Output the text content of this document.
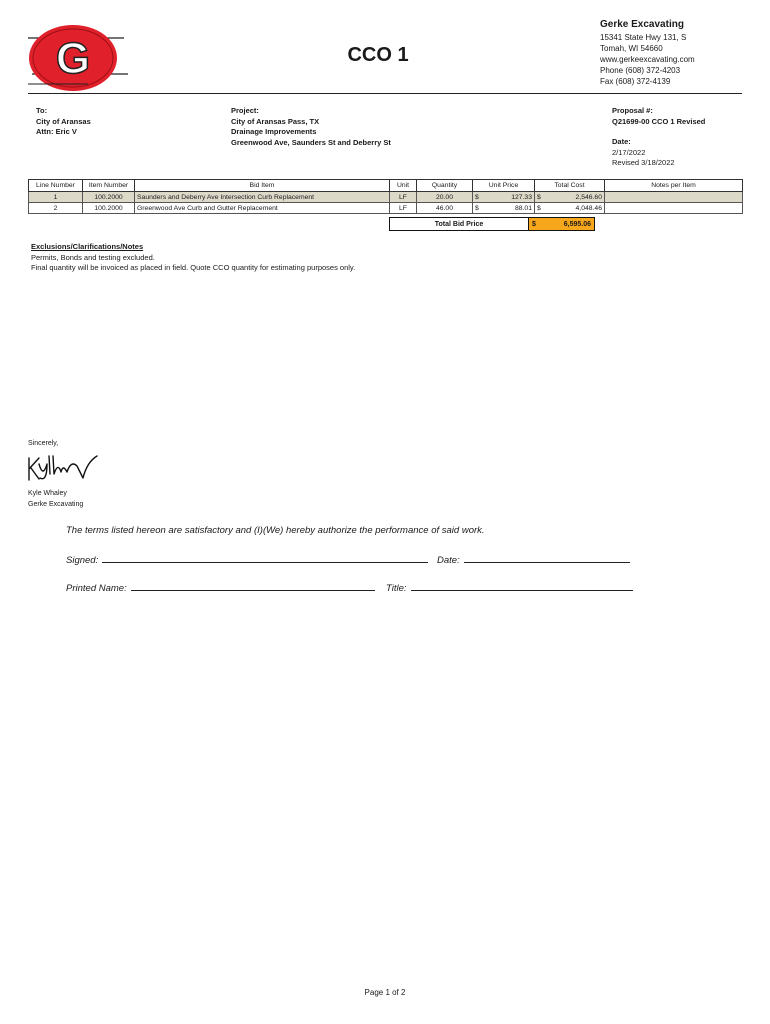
G	CCO 1
Gerke Excavating
15341 State Hwy 131, S
Tomah, WI 54660
www.gerkeexcavating.com
Phone (608) 372-4203
Fax (608) 372-4139
To:
City of Aransas
Attn: Eric V
Project:
City of Aransas Pass, TX
Drainage Improvements
Greenwood Ave, Saunders St and Deberry St
Proposal #:
Q21699-00 CCO 1 Revised
Date:
2/17/2022
Revised 3/18/2022
Line Number	Item Number	Bid Item	Unit	Quantity	Unit Price	Total Cost	Notes per Item
1	100.2000	Saunders and Deberry Ave Intersection Curb Replacement	LF	20.00	$ 127.33	$ 2,546.60	

2	100.2000	Greenwood Ave Curb and Gutter Replacement	LF	46.00	$ 88.01	$ 4,048.46	

Total Bid Price	$	6,595.06
Exclusions/Clarifications/Notes
Permits, Bonds and testing excluded.
Final quantity will be invoiced as placed in field. Quote CCO quantity for estimating purposes only.
Sincerely,
Kyle Whaley
Gerke Excavating
The terms listed hereon are satisfactory and (I)(We) hereby authorize the performance of said work.
Signed:	Date:
Printed Name:	Title:
Page 1 of 2
